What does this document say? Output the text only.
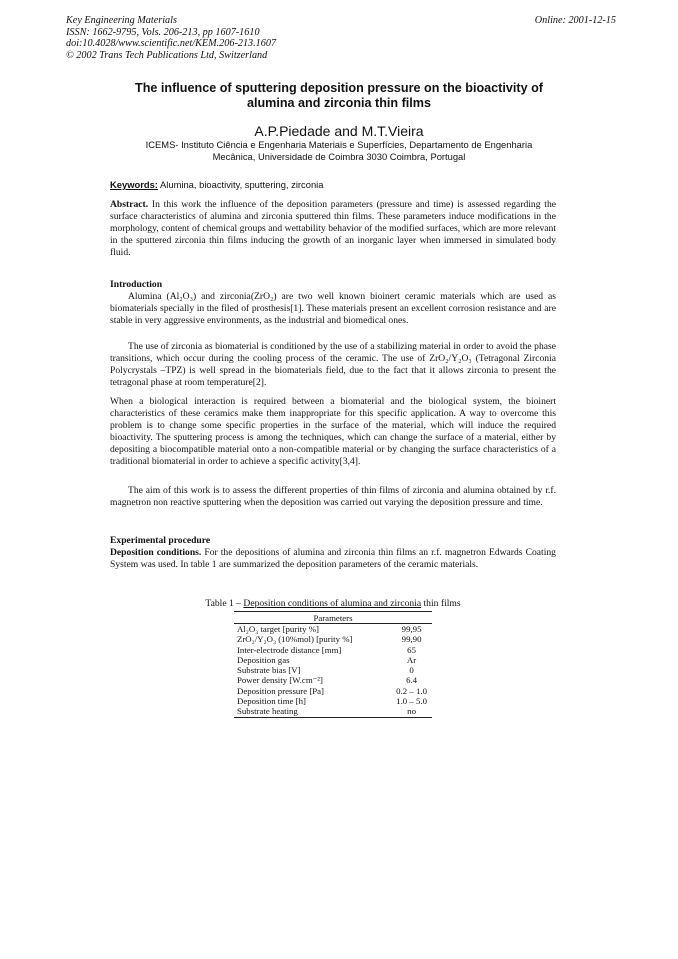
Key Engineering Materials
ISSN: 1662-9795, Vols. 206-213, pp 1607-1610
doi:10.4028/www.scientific.net/KEM.206-213.1607
© 2002 Trans Tech Publications Ltd, Switzerland
Online: 2001-12-15
The influence of sputtering deposition pressure on the bioactivity of
alumina and zirconia thin films
A.P.Piedade and M.T.Vieira
ICEMS- Instituto Ciência e Engenharia Materiais e Superfícies, Departamento de Engenharia
Mecânica, Universidade de Coimbra 3030 Coimbra, Portugal
Keywords: Alumina, bioactivity, sputtering, zirconia
Abstract. In this work the influence of the deposition parameters (pressure and time) is assessed regarding the surface characteristics of alumina and zirconia sputtered thin films. These parameters induce modifications in the morphology, content of chemical groups and wettability behavior of the modified surfaces, which are more relevant in the sputtered zirconia thin films inducing the growth of an inorganic layer when immersed in simulated body fluid.
Introduction
Alumina (Al₂O₃) and zirconia(ZrO₂) are two well known bioinert ceramic materials which are used as biomaterials specially in the filed of prosthesis[1]. These materials present an excellent corrosion resistance and are stable in very aggressive environments, as the industrial and biomedical ones.
The use of zirconia as biomaterial is conditioned by the use of a stabilizing material in order to avoid the phase transitions, which occur during the cooling process of the ceramic. The use of ZrO₂/Y₂O₃ (Tetragonal Zirconia Polycrystals –TPZ) is well spread in the biomaterials field, due to the fact that it allows zirconia to present the tetragonal phase at room temperature[2].
When a biological interaction is required between a biomaterial and the biological system, the bioinert characteristics of these ceramics make them inappropriate for this specific application. A way to overcome this problem is to change some specific properties in the surface of the material, which will induce the required bioactivity. The sputtering process is among the techniques, which can change the surface of a material, either by depositing a biocompatible material onto a non-compatible material or by changing the surface characteristics of a traditional biomaterial in order to achieve a specific activity[3,4].
The aim of this work is to assess the different properties of thin films of zirconia and alumina obtained by r.f. magnetron non reactive sputtering when the deposition was carried out varying the deposition pressure and time.
Experimental procedure
Deposition conditions. For the depositions of alumina and zirconia thin films an r.f. magnetron Edwards Coating System was used. In table 1 are summarized the deposition parameters of the ceramic materials.
Table 1 – Deposition conditions of alumina and zirconia thin films
Parameters	
Al₂O₃ target [purity %]	99,95
ZrO₂/Y₂O₃ (10%mol) [purity %]	99,90
Inter-electrode distance [mm]	65
Deposition gas	Ar
Substrate bias [V]	0
Power density [W.cm⁻²]	6.4
Deposition pressure [Pa]	0.2 – 1.0
Deposition time [h]	1.0 – 5.0
Substrate heating	no
